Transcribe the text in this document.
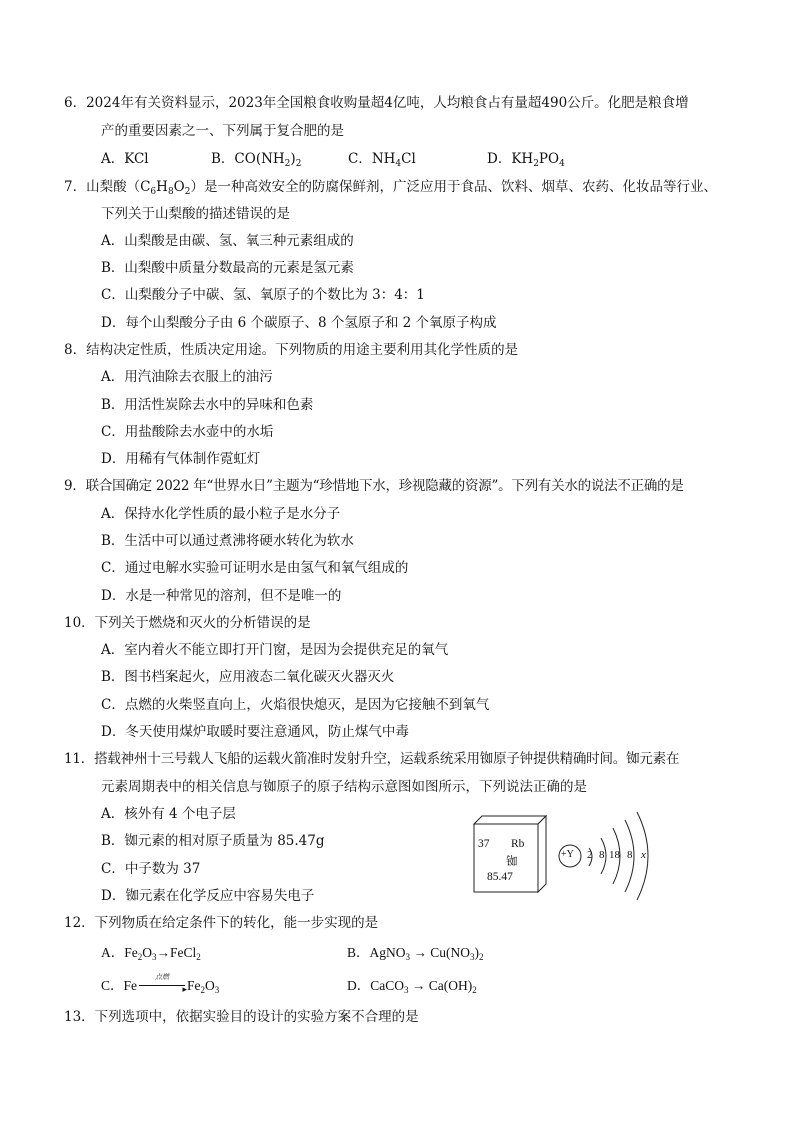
6．2024年有关资料显示，2023年全国粮食收购量超4亿吨，人均粮食占有量超490公斤。化肥是粮食增
产的重要因素之一、下列属于复合肥的是
A．KCl	B．$CO(NH_2)_2$	C．$NH_4Cl$	D．$KH_2PO_4$
7．山梨酸$(C_6H_8O_2)$是一种高效安全的防腐保鲜剂，广泛应用于食品、饮料、烟草、农药、化妆品等行业、
下列关于山梨酸的描述错误的是
A．山梨酸是由碳、氢、氧三种元素组成的
B．山梨酸中质量分数最高的元素是氢元素
C．山梨酸分子中碳、氢、氧原子的个数比为 3：4：1
D．每个山梨酸分子由 6 个碳原子、8 个氢原子和 2 个氧原子构成
8．结构决定性质，性质决定用途。下列物质的用途主要利用其化学性质的是
A．用汽油除去衣服上的油污
B．用活性炭除去水中的异味和色素
C．用盐酸除去水壶中的水垢
D．用稀有气体制作霓虹灯
9．联合国确定 2022 年“世界水日”主题为“珍惜地下水，珍视隐藏的资源”。下列有关水的说法不正确的是
A．保持水化学性质的最小粒子是水分子
B．生活中可以通过煮沸将硬水转化为软水
C．通过电解水实验可证明水是由氢气和氧气组成的
D．水是一种常见的溶剂，但不是唯一的
10．下列关于燃烧和灭火的分析错误的是
A．室内着火不能立即打开门窗，是因为会提供充足的氧气
B．图书档案起火，应用液态二氧化碳灭火器灭火
C．点燃的火柴竖直向上，火焰很快熄灭，是因为它接触不到氧气
D．冬天使用煤炉取暖时要注意通风，防止煤气中毒
11．搭载神州十三号载人飞船的运载火箭准时发射升空，运载系统采用铷原子钟提供精确时间。铷元素在
元素周期表中的相关信息与铷原子的原子结构示意图如图所示，下列说法正确的是
A．核外有 4 个电子层
B．铷元素的相对原子质量为 85.47g
C．中子数为 37
D．铷元素在化学反应中容易失电子
37 Rb
铷
85.47
+Y 2 8 18 8 x
12．下列物质在给定条件下的转化，能一步实现的是
A．$Fe_2O_3\to FeCl_2$	B．AgNO$_3$ → $Cu(NO_3)_2$
C．Fe
点燃
▸ $Fe_2O_3$	D．CaCO$_3$ → $Ca(OH)_2$
13．下列选项中，依据实验目的设计的实验方案不合理的是
